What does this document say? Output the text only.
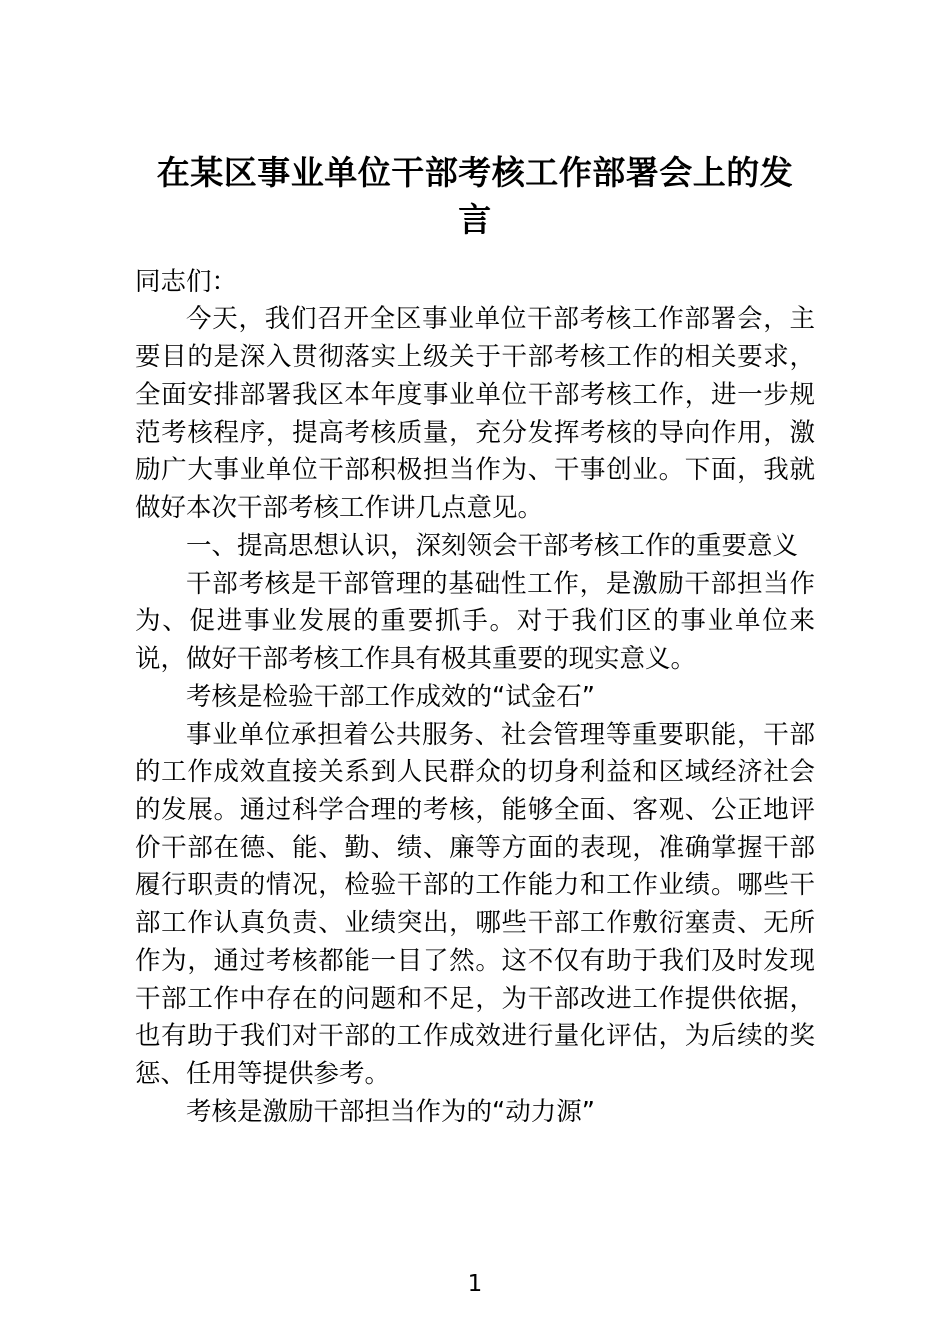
在某区事业单位干部考核工作部署会上的发言

同志们：

今天，我们召开全区事业单位干部考核工作部署会，主要目的是深入贯彻落实上级关于干部考核工作的相关要求，全面安排部署我区本年度事业单位干部考核工作，进一步规范考核程序，提高考核质量，充分发挥考核的导向作用，激励广大事业单位干部积极担当作为、干事创业。下面，我就做好本次干部考核工作讲几点意见。

一、提高思想认识，深刻领会干部考核工作的重要意义

干部考核是干部管理的基础性工作，是激励干部担当作为、促进事业发展的重要抓手。对于我们区的事业单位来说，做好干部考核工作具有极其重要的现实意义。

考核是检验干部工作成效的“试金石”

事业单位承担着公共服务、社会管理等重要职能，干部的工作成效直接关系到人民群众的切身利益和区域经济社会的发展。通过科学合理的考核，能够全面、客观、公正地评价干部在德、能、勤、绩、廉等方面的表现，准确掌握干部履行职责的情况，检验干部的工作能力和工作业绩。哪些干部工作认真负责、业绩突出，哪些干部工作敷衍塞责、无所作为，通过考核都能一目了然。这不仅有助于我们及时发现干部工作中存在的问题和不足，为干部改进工作提供依据，也有助于我们对干部的工作成效进行量化评估，为后续的奖惩、任用等提供参考。

考核是激励干部担当作为的“动力源”

1
